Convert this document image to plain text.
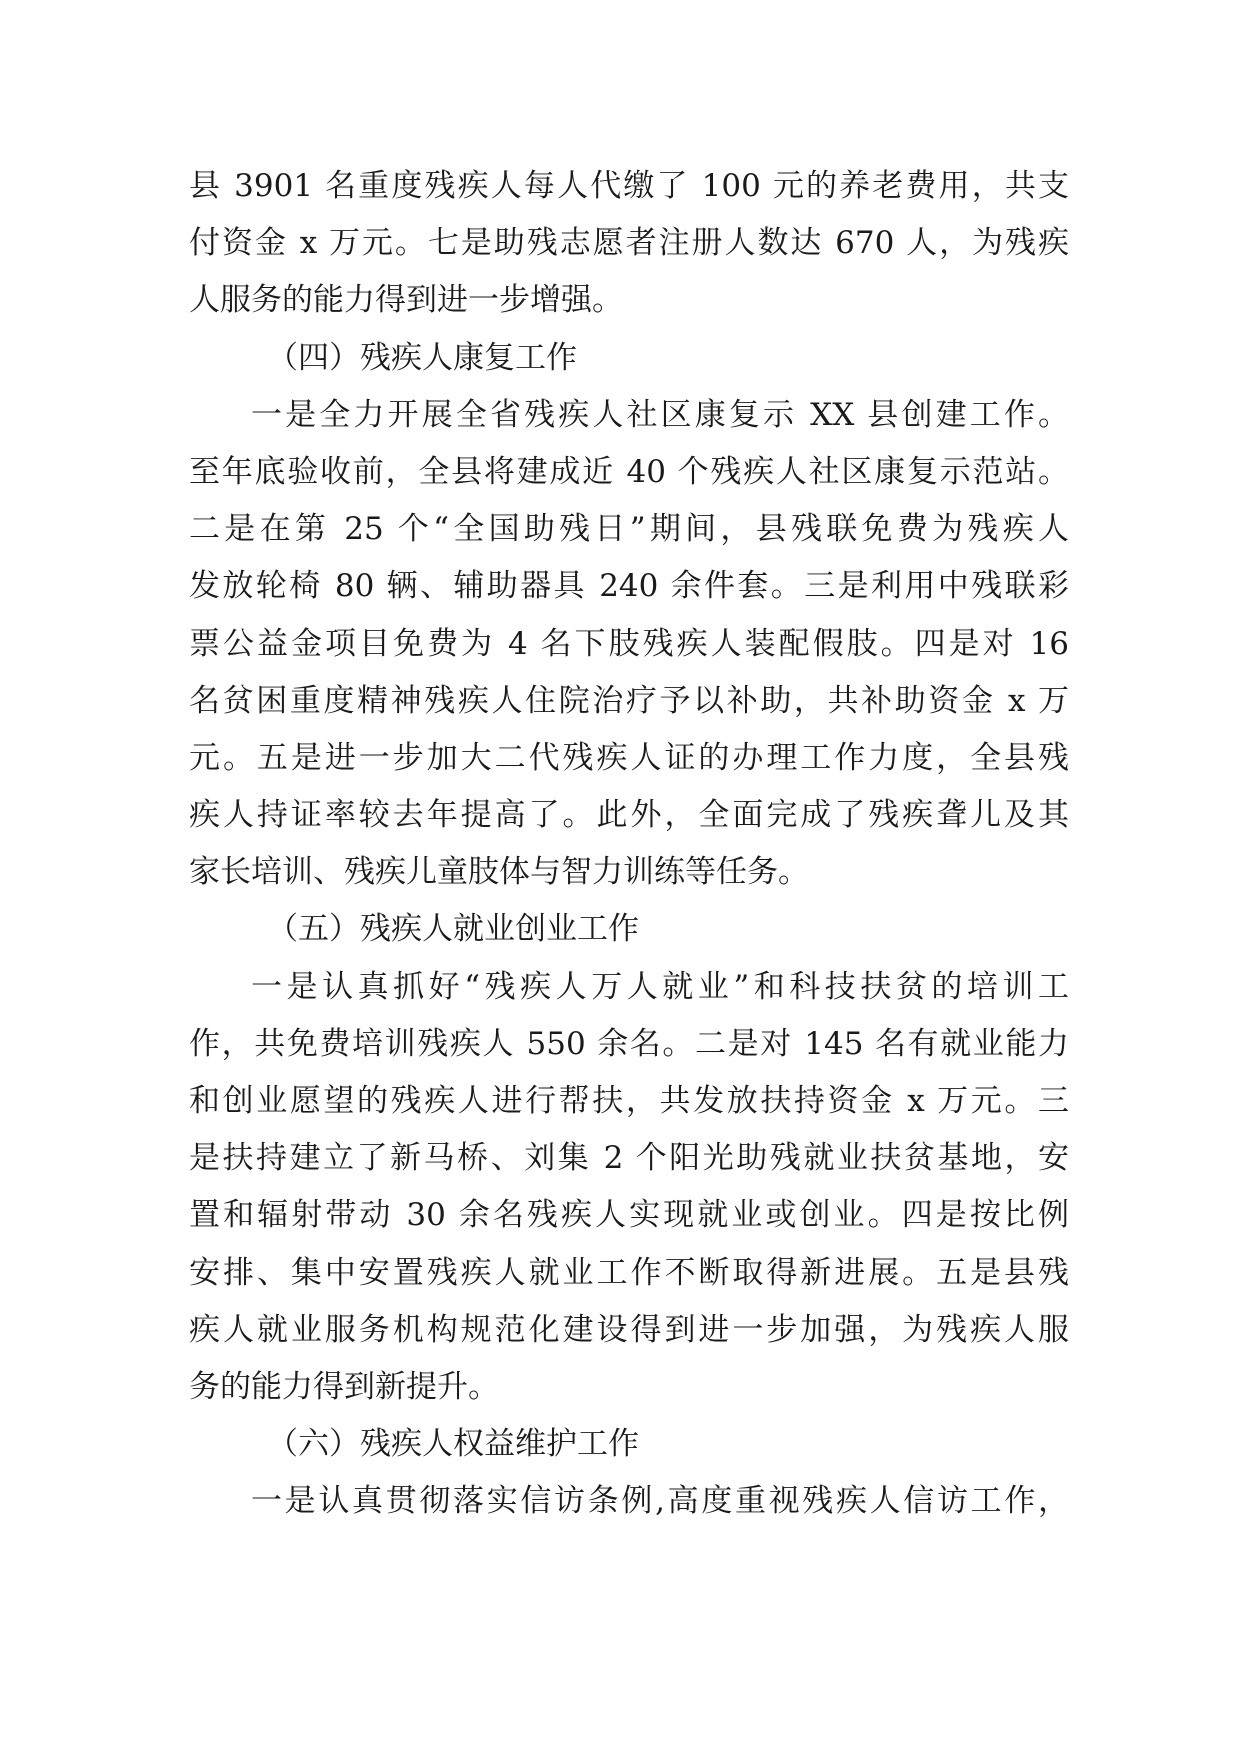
县 3901 名重度残疾人每人代缴了 100 元的养老费用，共支
付资金 x 万元。七是助残志愿者注册人数达 670 人，为残疾
人服务的能力得到进一步增强。
（四）残疾人康复工作
一是全力开展全省残疾人社区康复示 XX 县创建工作。
至年底验收前，全县将建成近 40 个残疾人社区康复示范站。
二是在第 25 个“全国助残日”期间，县残联免费为残疾人
发放轮椅 80 辆、辅助器具 240 余件套。三是利用中残联彩
票公益金项目免费为 4 名下肢残疾人装配假肢。四是对 16
名贫困重度精神残疾人住院治疗予以补助，共补助资金 x 万
元。五是进一步加大二代残疾人证的办理工作力度，全县残
疾人持证率较去年提高了。此外，全面完成了残疾聋儿及其
家长培训、残疾儿童肢体与智力训练等任务。
（五）残疾人就业创业工作
一是认真抓好“残疾人万人就业”和科技扶贫的培训工
作，共免费培训残疾人 550 余名。二是对 145 名有就业能力
和创业愿望的残疾人进行帮扶，共发放扶持资金 x 万元。三
是扶持建立了新马桥、刘集 2 个阳光助残就业扶贫基地，安
置和辐射带动 30 余名残疾人实现就业或创业。四是按比例
安排、集中安置残疾人就业工作不断取得新进展。五是县残
疾人就业服务机构规范化建设得到进一步加强，为残疾人服
务的能力得到新提升。
（六）残疾人权益维护工作
一是认真贯彻落实信访条例,高度重视残疾人信访工作，
